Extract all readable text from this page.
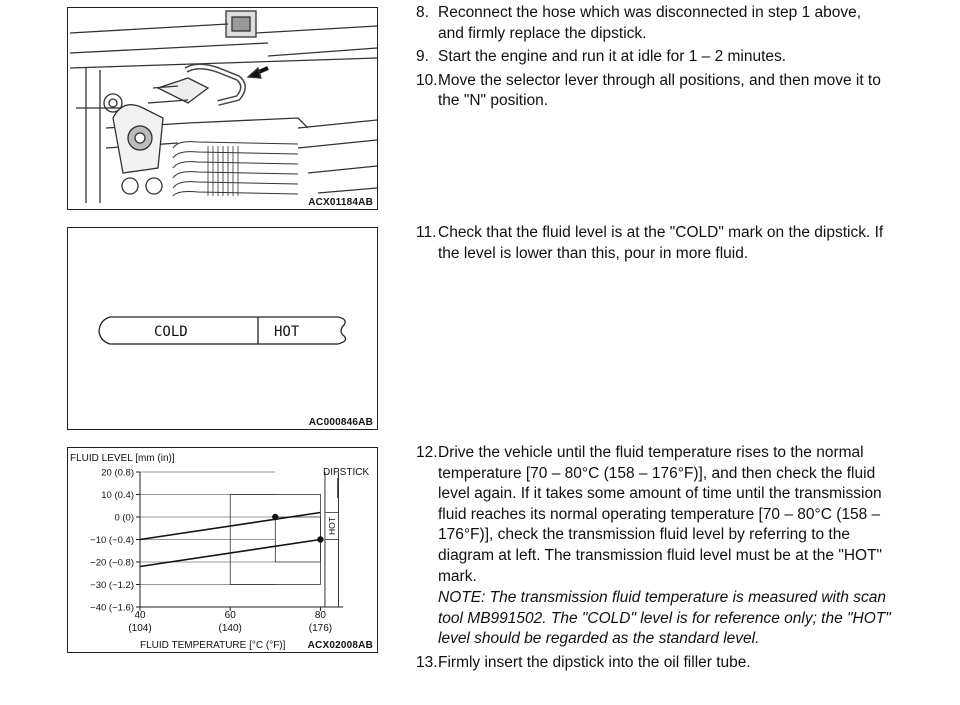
ACX01184AB
COLD	HOT
AC000846AB
FLUID LEVEL [mm (in)]
DIPSTICK
FLUID TEMPERATURE [°C (°F)]
20 (0.8)
10 (0.4)
0 (0)
−10 (−0.4)
−20 (−0.8)
−30 (−1.2)
−40 (−1.6)
HOT
40
(104)
60
(140)
80
(176)
ACX02008AB
8. Reconnect the hose which was disconnected in step 1 above, and firmly replace the dipstick.
9. Start the engine and run it at idle for 1 – 2 minutes.
10. Move the selector lever through all positions, and then move it to the "N" position.
11. Check that the fluid level is at the "COLD" mark on the dipstick. If the level is lower than this, pour in more fluid.
12. Drive the vehicle until the fluid temperature rises to the normal temperature [70 – 80°C (158 – 176°F)], and then check the fluid level again. If it takes some amount of time until the transmission fluid reaches its normal operating temperature [70 – 80°C (158 – 176°F)], check the transmission fluid level by referring to the diagram at left. The transmission fluid level must be at the "HOT" mark.
NOTE: The transmission fluid temperature is measured with scan tool MB991502. The "COLD" level is for reference only; the "HOT" level should be regarded as the standard level.
13. Firmly insert the dipstick into the oil filler tube.
